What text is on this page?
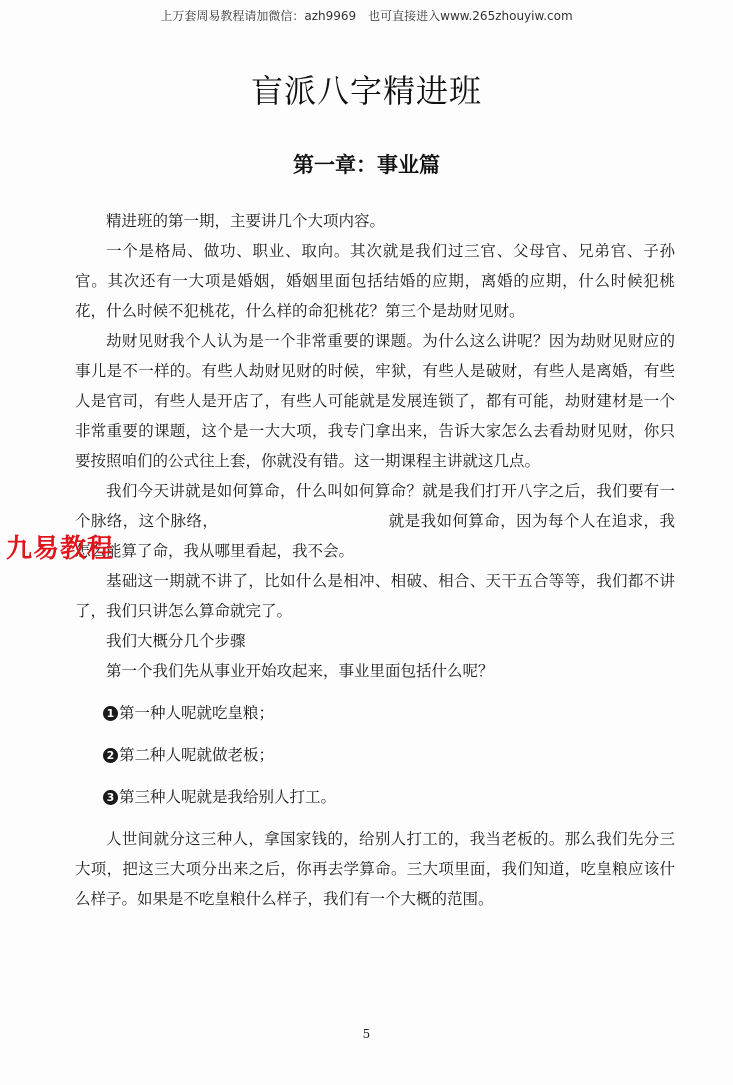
上万套周易教程请加微信：azh9969　也可直接进入www.265zhouyiw.com
盲派八字精进班
第一章：事业篇

精进班的第一期，主要讲几个大项内容。

一个是格局、做功、职业、取向。其次就是我们过三官、父母官、兄弟官、子孙官。其次还有一大项是婚姻，婚姻里面包括结婚的应期，离婚的应期，什么时候犯桃花，什么时候不犯桃花，什么样的命犯桃花？第三个是劫财见财。

劫财见财我个人认为是一个非常重要的课题。为什么这么讲呢？因为劫财见财应的事儿是不一样的。有些人劫财见财的时候，牢狱，有些人是破财，有些人是离婚，有些人是官司，有些人是开店了，有些人可能就是发展连锁了，都有可能，劫财建材是一个非常重要的课题，这个是一大大项，我专门拿出来，告诉大家怎么去看劫财见财，你只要按照咱们的公式往上套，你就没有错。这一期课程主讲就这几点。

我们今天讲就是如何算命，什么叫如何算命？就是我们打开八字之后，我们要有一个脉络，这个脉络，	就是我如何算命，因为每个人在追求，我怎么能算了命，我从哪里看起，我不会。

基础这一期就不讲了，比如什么是相冲、相破、相合、天干五合等等，我们都不讲了，我们只讲怎么算命就完了。

我们大概分几个步骤

第一个我们先从事业开始攻起来，事业里面包括什么呢？

1 第一种人呢就吃皇粮；

2 第二种人呢就做老板；

3 第三种人呢就是我给别人打工。

人世间就分这三种人，拿国家钱的，给别人打工的，我当老板的。那么我们先分三大项，把这三大项分出来之后，你再去学算命。三大项里面，我们知道，吃皇粮应该什么样子。如果是不吃皇粮什么样子，我们有一个大概的范围。

九易教程
5
